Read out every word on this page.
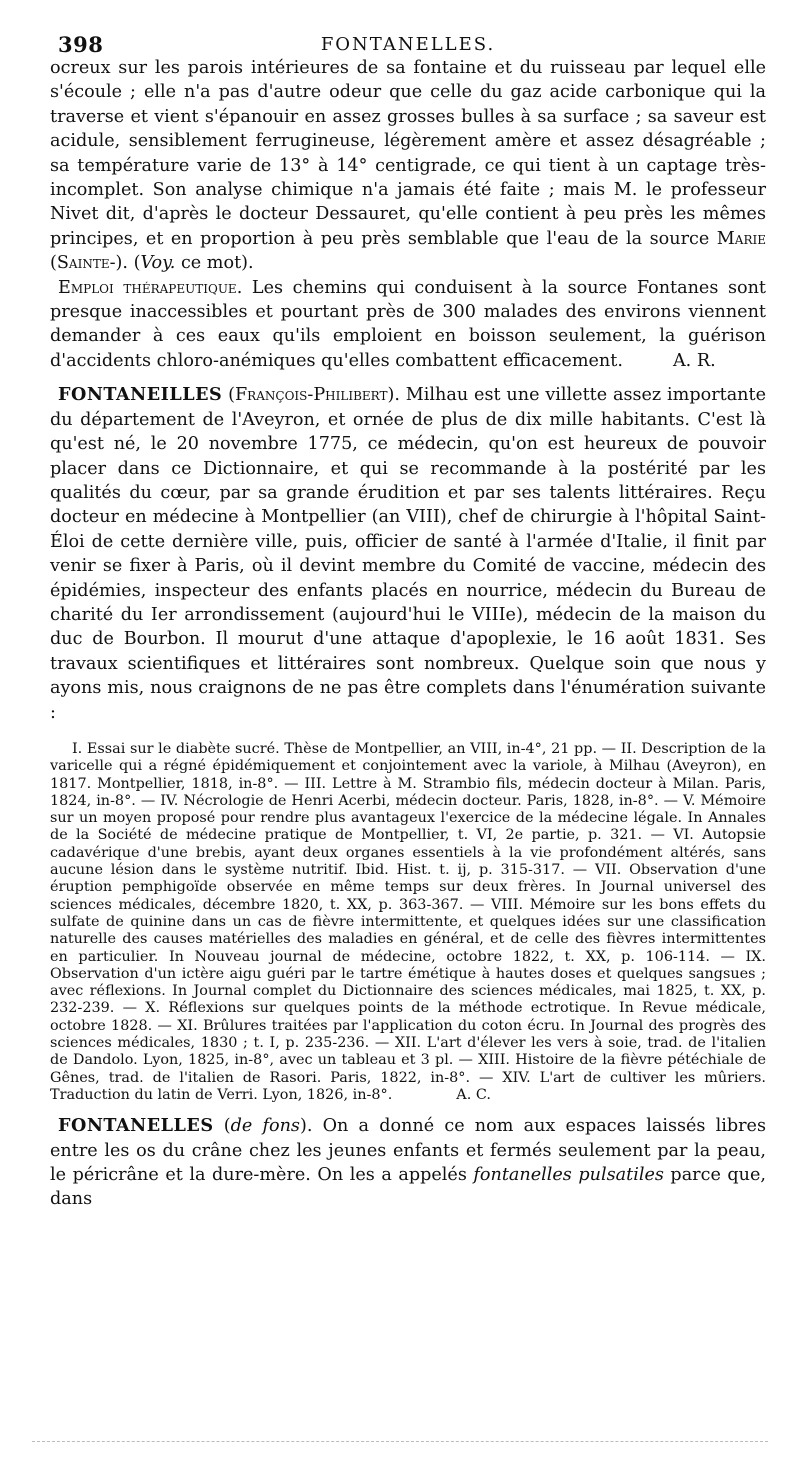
398	FONTANELLES.

ocreux sur les parois intérieures de sa fontaine et du ruisseau par lequel elle s'écoule ; elle n'a pas d'autre odeur que celle du gaz acide carbonique qui la traverse et vient s'épanouir en assez grosses bulles à sa surface ; sa saveur est acidule, sensiblement ferrugineuse, légèrement amère et assez désagréable ; sa température varie de 13° à 14° centigrade, ce qui tient à un captage très-incomplet. Son analyse chimique n'a jamais été faite ; mais M. le professeur Nivet dit, d'après le docteur Dessauret, qu'elle contient à peu près les mêmes principes, et en proportion à peu près semblable que l'eau de la source Marie (Sainte-). (Voy. ce mot).

Emploi thérapeutique. Les chemins qui conduisent à la source Fontanes sont presque inaccessibles et pourtant près de 300 malades des environs viennent demander à ces eaux qu'ils emploient en boisson seulement, la guérison d'accidents chloro-anémiques qu'elles combattent efficacement.	A. R.

FONTANEILLES (François-Philibert). Milhau est une villette assez importante du département de l'Aveyron, et ornée de plus de dix mille habitants. C'est là qu'est né, le 20 novembre 1775, ce médecin, qu'on est heureux de pouvoir placer dans ce Dictionnaire, et qui se recommande à la postérité par les qualités du cœur, par sa grande érudition et par ses talents littéraires. Reçu docteur en médecine à Montpellier (an VIII), chef de chirurgie à l'hôpital Saint-Éloi de cette dernière ville, puis, officier de santé à l'armée d'Italie, il finit par venir se fixer à Paris, où il devint membre du Comité de vaccine, médecin des épidémies, inspecteur des enfants placés en nourrice, médecin du Bureau de charité du Ier arrondissement (aujourd'hui le VIIIe), médecin de la maison du duc de Bourbon. Il mourut d'une attaque d'apoplexie, le 16 août 1831. Ses travaux scientifiques et littéraires sont nombreux. Quelque soin que nous y ayons mis, nous craignons de ne pas être complets dans l'énumération suivante :

I. Essai sur le diabète sucré. Thèse de Montpellier, an VIII, in-4°, 21 pp. — II. Description de la varicelle qui a régné épidémiquement et conjointement avec la variole, à Milhau (Aveyron), en 1817. Montpellier, 1818, in-8°. — III. Lettre à M. Strambio fils, médecin docteur à Milan. Paris, 1824, in-8°. — IV. Nécrologie de Henri Acerbi, médecin docteur. Paris, 1828, in-8°. — V. Mémoire sur un moyen proposé pour rendre plus avantageux l'exercice de la médecine légale. In Annales de la Société de médecine pratique de Montpellier, t. VI, 2e partie, p. 321. — VI. Autopsie cadavérique d'une brebis, ayant deux organes essentiels à la vie profondément altérés, sans aucune lésion dans le système nutritif. Ibid. Hist. t. ij, p. 315-317. — VII. Observation d'une éruption pemphigoïde observée en même temps sur deux frères. In Journal universel des sciences médicales, décembre 1820, t. XX, p. 363-367. — VIII. Mémoire sur les bons effets du sulfate de quinine dans un cas de fièvre intermittente, et quelques idées sur une classification naturelle des causes matérielles des maladies en général, et de celle des fièvres intermittentes en particulier. In Nouveau journal de médecine, octobre 1822, t. XX, p. 106-114. — IX. Observation d'un ictère aigu guéri par le tartre émétique à hautes doses et quelques sangsues ; avec réflexions. In Journal complet du Dictionnaire des sciences médicales, mai 1825, t. XX, p. 232-239. — X. Réflexions sur quelques points de la méthode ectrotique. In Revue médicale, octobre 1828. — XI. Brûlures traitées par l'application du coton écru. In Journal des progrès des sciences médicales, 1830 ; t. I, p. 235-236. — XII. L'art d'élever les vers à soie, trad. de l'italien de Dandolo. Lyon, 1825, in-8°, avec un tableau et 3 pl. — XIII. Histoire de la fièvre pétéchiale de Gênes, trad. de l'italien de Rasori. Paris, 1822, in-8°. — XIV. L'art de cultiver les mûriers. Traduction du latin de Verri. Lyon, 1826, in-8°.	A. C.

FONTANELLES (de fons). On a donné ce nom aux espaces laissés libres entre les os du crâne chez les jeunes enfants et fermés seulement par la peau, le péricrâne et la dure-mère. On les a appelés fontanelles pulsatiles parce que, dans
